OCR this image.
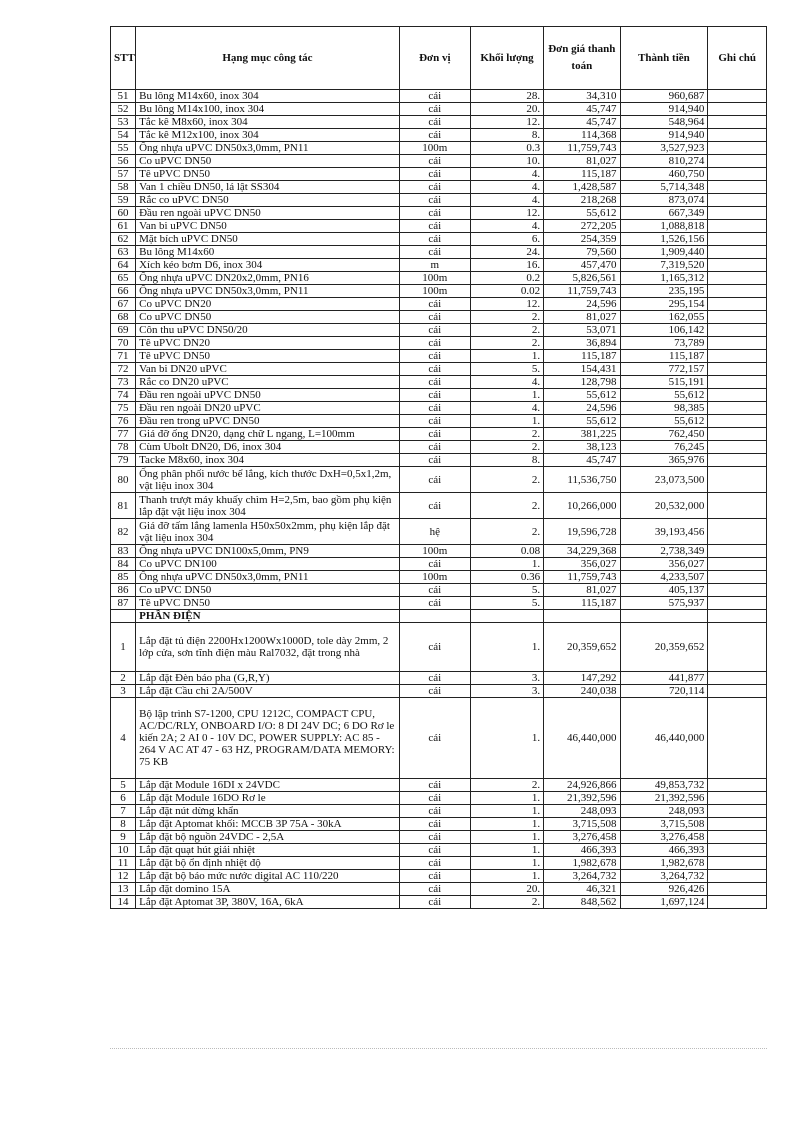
STT	Hạng mục công tác	Đơn vị	Khối lượng	Đơn giá thanh toán	Thành tiền	Ghi chú
51	Bu lông M14x60, inox 304	cái	28.	34,310	960,687	
52	Bu lông M14x100, inox 304	cái	20.	45,747	914,940	
53	Tắc kê M8x60, inox 304	cái	12.	45,747	548,964	
54	Tắc kê M12x100, inox 304	cái	8.	114,368	914,940	
55	Ống nhựa uPVC DN50x3,0mm, PN11	100m	0.3	11,759,743	3,527,923	
56	Co uPVC DN50	cái	10.	81,027	810,274	
57	Tê uPVC DN50	cái	4.	115,187	460,750	
58	Van 1 chiều DN50, lá lật SS304	cái	4.	1,428,587	5,714,348	
59	Rắc co uPVC DN50	cái	4.	218,268	873,074	
60	Đầu ren ngoài uPVC DN50	cái	12.	55,612	667,349	
61	Van bi uPVC DN50	cái	4.	272,205	1,088,818	
62	Mặt bích uPVC DN50	cái	6.	254,359	1,526,156	
63	Bu lông M14x60	cái	24.	79,560	1,909,440	
64	Xích kéo bơm D6, inox 304	m	16.	457,470	7,319,520	
65	Ống nhựa uPVC DN20x2,0mm, PN16	100m	0.2	5,826,561	1,165,312	
66	Ống nhựa uPVC DN50x3,0mm, PN11	100m	0.02	11,759,743	235,195	
67	Co uPVC DN20	cái	12.	24,596	295,154	
68	Co uPVC DN50	cái	2.	81,027	162,055	
69	Côn thu uPVC DN50/20	cái	2.	53,071	106,142	
70	Tê uPVC DN20	cái	2.	36,894	73,789	
71	Tê uPVC DN50	cái	1.	115,187	115,187	
72	Van bi DN20 uPVC	cái	5.	154,431	772,157	
73	Rắc co DN20 uPVC	cái	4.	128,798	515,191	
74	Đầu ren ngoài uPVC DN50	cái	1.	55,612	55,612	
75	Đầu ren ngoài DN20 uPVC	cái	4.	24,596	98,385	
76	Đầu ren trong uPVC DN50	cái	1.	55,612	55,612	
77	Giá đỡ ống DN20, dạng chữ L ngang, L=100mm	cái	2.	381,225	762,450	
78	Cùm Ubolt DN20, D6, inox 304	cái	2.	38,123	76,245	
79	Tacke M8x60, inox 304	cái	8.	45,747	365,976	
80	Ống phân phối nước bể lắng, kích thước DxH=0,5x1,2m, vật liệu inox 304	cái	2.	11,536,750	23,073,500	
81	Thanh trượt máy khuấy chìm H=2,5m, bao gồm phụ kiện lắp đặt vật liệu inox 304	cái	2.	10,266,000	20,532,000	
82	Giá đỡ tấm lắng lamenla H50x50x2mm, phụ kiện lắp đặt vật liệu inox 304	hệ	2.	19,596,728	39,193,456	
83	Ống nhựa uPVC DN100x5,0mm, PN9	100m	0.08	34,229,368	2,738,349	
84	Co uPVC DN100	cái	1.	356,027	356,027	
85	Ống nhựa uPVC DN50x3,0mm, PN11	100m	0.36	11,759,743	4,233,507	
86	Co uPVC DN50	cái	5.	81,027	405,137	
87	Tê uPVC DN50	cái	5.	115,187	575,937	
	PHẦN ĐIỆN					
1	Lắp đặt tủ điện 2200Hx1200Wx1000D, tole dày 2mm, 2 lớp cửa, sơn tĩnh điện màu Ral7032, đặt trong nhà	cái	1.	20,359,652	20,359,652	
2	Lắp đặt Đèn báo pha (G,R,Y)	cái	3.	147,292	441,877	
3	Lắp đặt Cầu chì 2A/500V	cái	3.	240,038	720,114	
4	Bộ lập trình S7-1200, CPU 1212C, COMPACT CPU, AC/DC/RLY, ONBOARD I/O: 8 DI 24V DC; 6 DO Rơ le kiến 2A; 2 AI 0 - 10V DC, POWER SUPPLY: AC 85 - 264 V AC AT 47 - 63 HZ, PROGRAM/DATA MEMORY: 75 KB	cái	1.	46,440,000	46,440,000	
5	Lắp đặt Module 16DI x 24VDC	cái	2.	24,926,866	49,853,732	
6	Lắp đặt Module 16DO Rơ le	cái	1.	21,392,596	21,392,596	
7	Lắp đặt nút dừng khẩn	cái	1.	248,093	248,093	
8	Lắp đặt Aptomat khối: MCCB 3P 75A - 30kA	cái	1.	3,715,508	3,715,508	
9	Lắp đặt bộ nguồn 24VDC - 2,5A	cái	1.	3,276,458	3,276,458	
10	Lắp đặt quạt hút giải nhiệt	cái	1.	466,393	466,393	
11	Lắp đặt bộ ổn định nhiệt độ	cái	1.	1,982,678	1,982,678	
12	Lắp đặt bộ báo mức nước digital AC 110/220	cái	1.	3,264,732	3,264,732	
13	Lắp đặt domino 15A	cái	20.	46,321	926,426	
14	Lắp đặt Aptomat 3P, 380V, 16A, 6kA	cái	2.	848,562	1,697,124	
